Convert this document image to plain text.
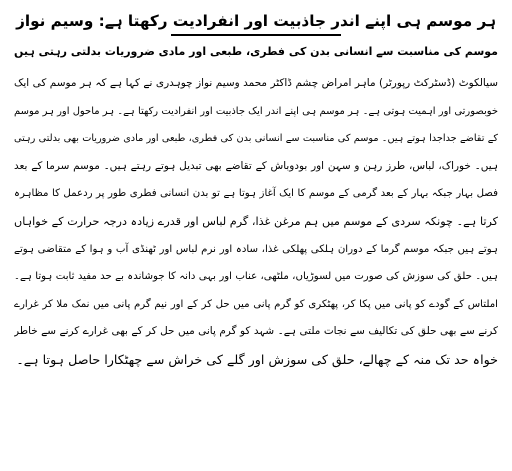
ہر موسم ہی اپنے اندر جاذبیت اور انفرادیت رکھتا ہے: وسیم نواز
موسم کی مناسبت سے انسانی بدن کی فطری، طبعی اور مادی ضروریات بدلتی رہتی ہیں
سیالکوٹ (ڈسٹرکٹ رپورٹر) ماہر امراض چشم ڈاکٹر محمد وسیم نواز چوہدری نے کہا ہے کہ ہر موسم کی ایک
خوبصورتی اور اہمیت ہوتی ہے۔ ہر موسم ہی اپنے اندر ایک جاذبیت اور انفرادیت رکھتا ہے۔ ہر ماحول اور ہر موسم
کے تقاضے جداجدا ہوتے ہیں۔ موسم کی مناسبت سے انسانی بدن کی فطری، طبعی اور مادی ضروریات بھی بدلتی رہتی
ہیں۔ خوراک، لباس، طرز رہن و سہن اور بودوباش کے تقاضے بھی تبدیل ہوتے رہتے ہیں۔ موسم سرما کے بعد
فصل بہار جبکہ بہار کے بعد گرمی کے موسم کا ایک آغاز ہوتا ہے تو بدن انسانی فطری طور پر ردعمل کا مظاہرہ
کرتا ہے۔ چونکہ سردی کے موسم میں ہم مرغن غذا، گرم لباس اور قدرے زیادہ درجہ حرارت کے خواہاں
ہوتے ہیں جبکہ موسم گرما کے دوران ہلکی پھلکی غذا، سادہ اور نرم لباس اور ٹھنڈی آب و ہوا کے متقاضی ہوتے
ہیں۔ حلق کی سوزش کی صورت میں لسوڑیاں، ملٹھی، عناب اور بہی دانہ کا جوشاندہ بے حد مفید ثابت ہوتا ہے۔
املتاس کے گودے کو پانی میں پکا کر، پھٹکری کو گرم پانی میں حل کر کے اور نیم گرم پانی میں نمک ملا کر غرارے
کرنے سے بھی حلق کی تکالیف سے نجات ملتی ہے۔ شہد کو گرم پانی میں حل کر کے بھی غرارے کرنے سے خاطر
خواہ حد تک منہ کے چھالے، حلق کی سوزش اور گلے کی خراش سے چھٹکارا حاصل ہوتا ہے۔
